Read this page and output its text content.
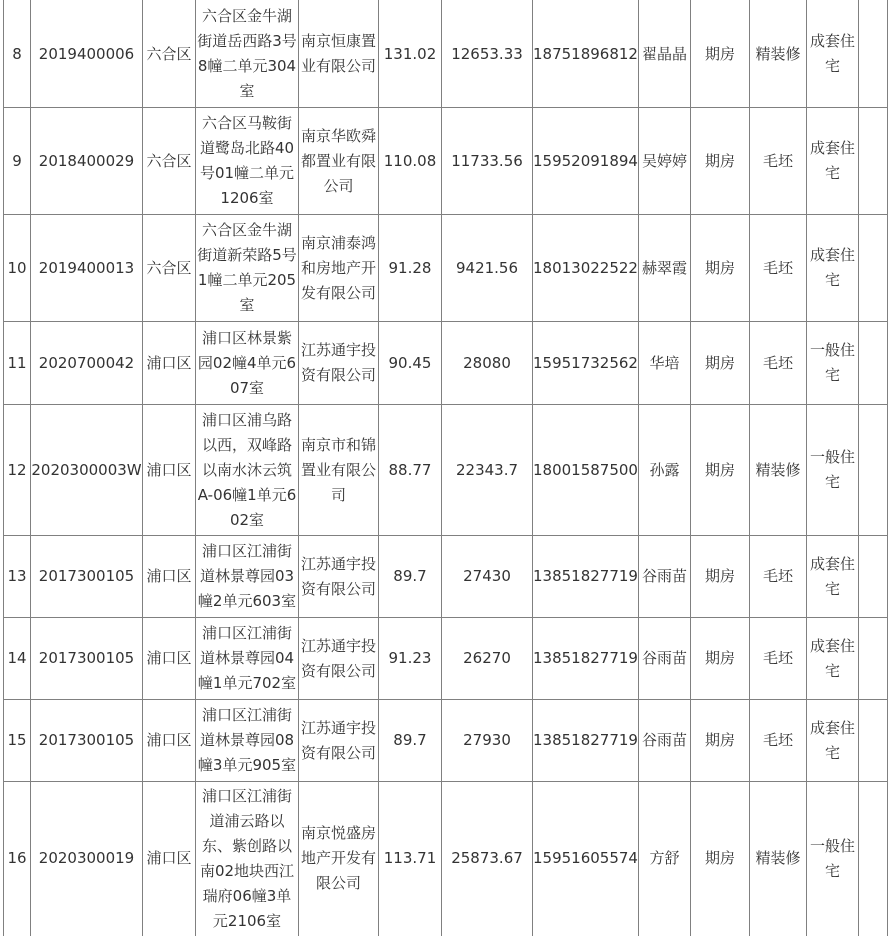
8	2019400006	六合区	六合区金牛湖街道岳西路3号8幢二单元304室	南京恒康置业有限公司	131.02	12653.33	18751896812	翟晶晶	期房	精装修	成套住宅	
9	2018400029	六合区	六合区马鞍街道鹭岛北路40号01幢二单元1206室	南京华欧舜都置业有限公司	110.08	11733.56	15952091894	吴婷婷	期房	毛坯	成套住宅	
10	2019400013	六合区	六合区金牛湖街道新荣路5号1幢二单元205室	南京浦泰鸿和房地产开发有限公司	91.28	9421.56	18013022522	赫翠霞	期房	毛坯	成套住宅	
11	2020700042	浦口区	浦口区林景紫园02幢4单元607室	江苏通宇投资有限公司	90.45	28080	15951732562	华培	期房	毛坯	一般住宅	
12	2020300003W	浦口区	浦口区浦乌路以西，双峰路以南水沐云筑A-06幢1单元602室	南京市和锦置业有限公司	88.77	22343.7	18001587500	孙露	期房	精装修	一般住宅	
13	2017300105	浦口区	浦口区江浦街道林景尊园03幢2单元603室	江苏通宇投资有限公司	89.7	27430	13851827719	谷雨苗	期房	毛坯	成套住宅	
14	2017300105	浦口区	浦口区江浦街道林景尊园04幢1单元702室	江苏通宇投资有限公司	91.23	26270	13851827719	谷雨苗	期房	毛坯	成套住宅	
15	2017300105	浦口区	浦口区江浦街道林景尊园08幢3单元905室	江苏通宇投资有限公司	89.7	27930	13851827719	谷雨苗	期房	毛坯	成套住宅	
16	2020300019	浦口区	浦口区江浦街道浦云路以东、紫创路以南02地块西江瑞府06幢3单元2106室	南京悦盛房地产开发有限公司	113.71	25873.67	15951605574	方舒	期房	精装修	一般住宅	
